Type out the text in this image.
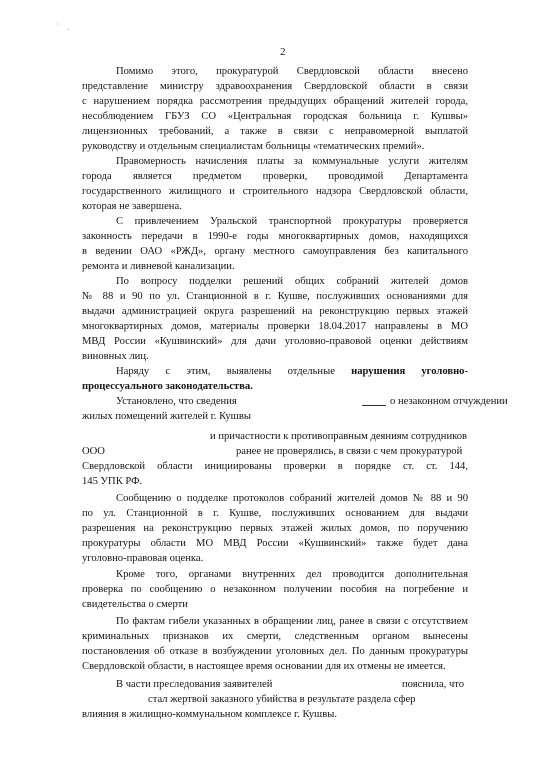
˙ .
2
Помимо этого, прокуратурой Свердловской области внесено
представление министру здравоохранения Свердловской области в связи
с нарушением порядка рассмотрения предыдущих обращений жителей города,
несоблюдением ГБУЗ СО «Центральная городская больница г. Кушвы»
лицензионных требований, а также в связи с неправомерной выплатой
руководству и отдельным специалистам больницы «тематических премий».
Правомерность начисления платы за коммунальные услуги жителям
города является предметом проверки, проводимой Департамента
государственного жилищного и строительного надзора Свердловской области,
которая не завершена.
С привлечением Уральской транспортной прокуратуры проверяется
законность передачи в 1990-е годы многоквартирных домов, находящихся
в ведении ОАО «РЖД», органу местного самоуправления без капитального
ремонта и ливневой канализации.
По вопросу подделки решений общих собраний жителей домов
№ 88 и 90 по ул. Станционной в г. Кушве, послуживших основаниями для
выдачи администрацией округа разрешений на реконструкцию первых этажей
многоквартирных домов, материалы проверки 18.04.2017 направлены в МО
МВД России «Кушвинский» для дачи уголовно-правовой оценки действиям
виновных лиц.
Наряду с этим, выявлены отдельные нарушения уголовно-
процессуального законодательства.
Установлено, что сведения	о незаконном отчуждении
жилых помещений жителей г. Кушвы
и причастности к противоправным деяниям сотрудников
ООО	ранее не проверялись, в связи с чем прокуратурой
Свердловской области инициированы проверки в порядке ст. ст. 144,
145 УПК РФ.
Сообщению о подделке протоколов собраний жителей домов № 88 и 90
по ул. Станционной в г. Кушве, послуживших основанием для выдачи
разрешения на реконструкцию первых этажей жилых домов, по поручению
прокуратуры области МО МВД России «Кушвинский» также будет дана
уголовно-правовая оценка.
Кроме того, органами внутренних дел проводится дополнительная
проверка по сообщению о незаконном получении пособия на погребение и
свидетельства о смерти
По фактам гибели указанных в обращении лиц, ранее в связи с отсутствием
криминальных признаков их смерти, следственным органом вынесены
постановления об отказе в возбуждении уголовных дел. По данным прокуратуры
Свердловской области, в настоящее время основании для их отмены не имеется.
В части преследования заявителей	пояснила, что
стал жертвой заказного убийства в результате раздела сфер
влияния в жилищно-коммунальном комплексе г. Кушвы.
